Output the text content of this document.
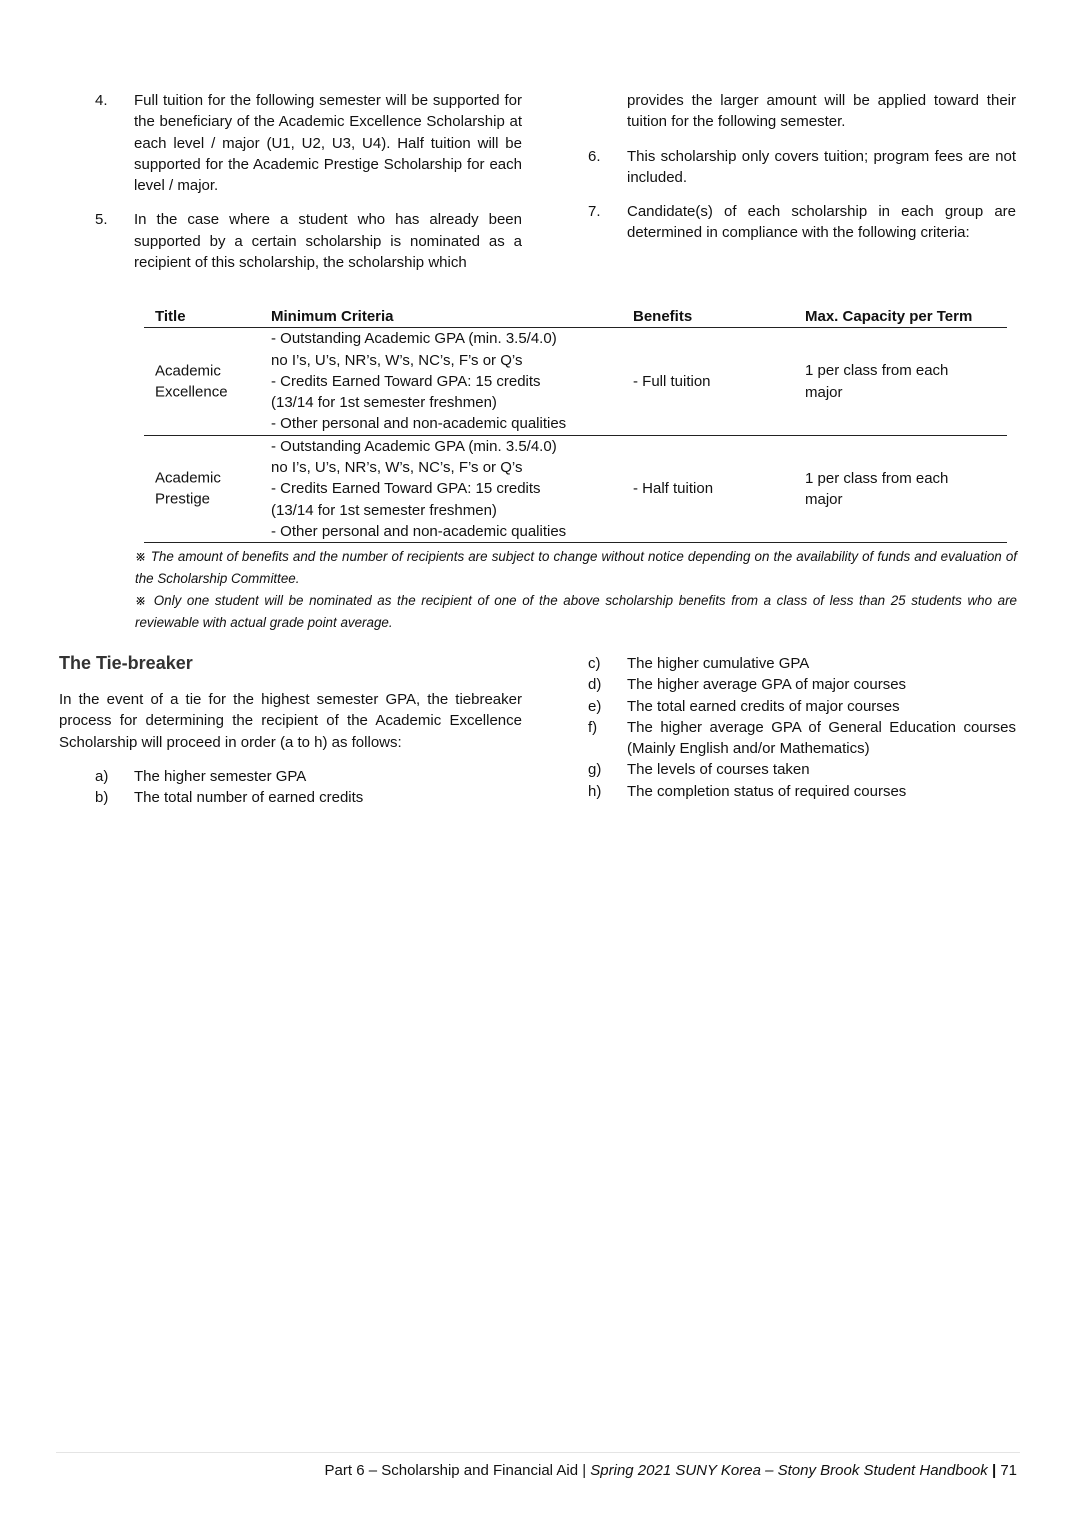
4. Full tuition for the following semester will be supported for the beneficiary of the Academic Excellence Scholarship at each level / major (U1, U2, U3, U4). Half tuition will be supported for the Academic Prestige Scholarship for each level / major.
5. In the case where a student who has already been supported by a certain scholarship is nominated as a recipient of this scholarship, the scholarship which
provides the larger amount will be applied toward their tuition for the following semester.
6. This scholarship only covers tuition; program fees are not included.
7. Candidate(s) of each scholarship in each group are determined in compliance with the following criteria:
Title	Minimum Criteria	Benefits	Max. Capacity per Term

Academic Excellence	- Outstanding Academic GPA (min. 3.5/4.0)
no I’s, U’s, NR’s, W’s, NC’s, F’s or Q’s
- Credits Earned Toward GPA: 15 credits
(13/14 for 1st semester freshmen)
- Other personal and non-academic qualities	- Full tuition	1 per class from each major

Academic Prestige	- Outstanding Academic GPA (min. 3.5/4.0)
no I’s, U’s, NR’s, W’s, NC’s, F’s or Q’s
- Credits Earned Toward GPA: 15 credits
(13/14 for 1st semester freshmen)
- Other personal and non-academic qualities	- Half tuition	1 per class from each major
※ The amount of benefits and the number of recipients are subject to change without notice depending on the availability of funds and evaluation of the Scholarship Committee.
※ Only one student will be nominated as the recipient of one of the above scholarship benefits from a class of less than 25 students who are reviewable with actual grade point average.
The Tie-breaker
In the event of a tie for the highest semester GPA, the tiebreaker process for determining the recipient of the Academic Excellence Scholarship will proceed in order (a to h) as follows:
a) The higher semester GPA
b) The total number of earned credits
c) The higher cumulative GPA
d) The higher average GPA of major courses
e) The total earned credits of major courses
f) The higher average GPA of General Education courses (Mainly English and/or Mathematics)
g) The levels of courses taken
h) The completion status of required courses
Part 6 – Scholarship and Financial Aid | Spring 2021 SUNY Korea – Stony Brook Student Handbook | 71
